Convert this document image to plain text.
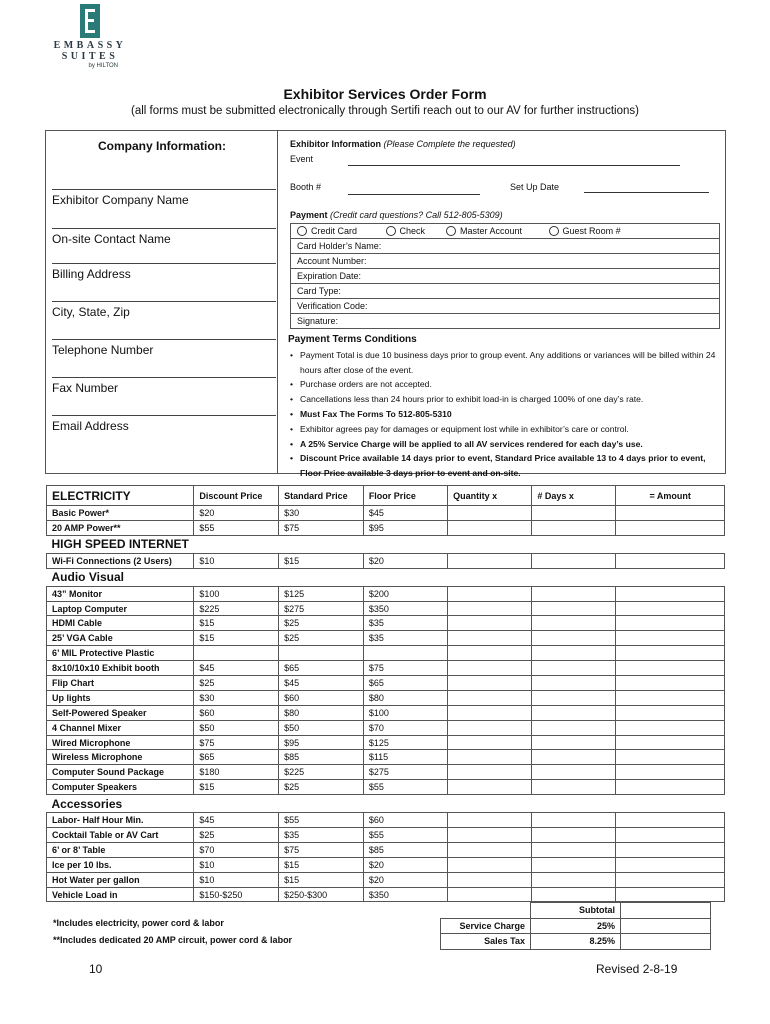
EMBASSY
SUITES
by HILTON
Exhibitor Services Order Form
(all forms must be submitted electronically through Sertifi reach out to our AV for further instructions)
Company Information:
Exhibitor Company Name
On-site Contact Name
Billing Address
City, State, Zip
Telephone Number
Fax Number
Email Address
Exhibitor Information (Please Complete the requested)
Event
Booth #	Set Up Date
Payment (Credit card questions? Call 512-805-5309)
Credit Card	Check	Master Account	Guest Room #
Card Holder’s Name:
Account Number:
Expiration Date:
Card Type:
Verification Code:
Signature:
Payment Terms Conditions
• Payment Total is due 10 business days prior to group event. Any additions or variances will be billed within 24 hours after close of the event.
• Purchase orders are not accepted.
• Cancellations less than 24 hours prior to exhibit load-in is charged 100% of one day’s rate.
• Must Fax The Forms To 512-805-5310
• Exhibitor agrees pay for damages or equipment lost while in exhibitor’s care or control.
• A 25% Service Charge will be applied to all AV services rendered for each day’s use.
• Discount Price available 14 days prior to event, Standard Price available 13 to 4 days prior to event, Floor Price available 3 days prior to event and on-site.
ELECTRICITY	Discount Price	Standard Price	Floor Price	Quantity x	# Days x	= Amount
Basic Power*	$20	$30	$45			
20 AMP Power**	$55	$75	$95			
HIGH SPEED INTERNET						
Wi-Fi Connections (2 Users)	$10	$15	$20			
Audio Visual						
43” Monitor	$100	$125	$200			
Laptop Computer	$225	$275	$350			
HDMI Cable	$15	$25	$35			
25’ VGA Cable	$15	$25	$35			
6’ MIL Protective Plastic						
8x10/10x10 Exhibit booth	$45	$65	$75			
Flip Chart	$25	$45	$65			
Up lights	$30	$60	$80			
Self-Powered Speaker	$60	$80	$100			
4 Channel Mixer	$50	$50	$70			
Wired Microphone	$75	$95	$125			
Wireless Microphone	$65	$85	$115			
Computer Sound Package	$180	$225	$275			
Computer Speakers	$15	$25	$55			
Accessories						
Labor- Half Hour Min.	$45	$55	$60			
Cocktail Table or AV Cart	$25	$35	$55			
6’ or 8’ Table	$70	$75	$85			
Ice per 10 lbs.	$10	$15	$20			
Hot Water per gallon	$10	$15	$20			
Vehicle Load in	$150-$250	$250-$300	$350			
*Includes electricity, power cord & labor
**Includes dedicated 20 AMP circuit, power cord & labor
	Subtotal	
Service Charge	25%	
Sales Tax	8.25%	
10	Revised 2-8-19
